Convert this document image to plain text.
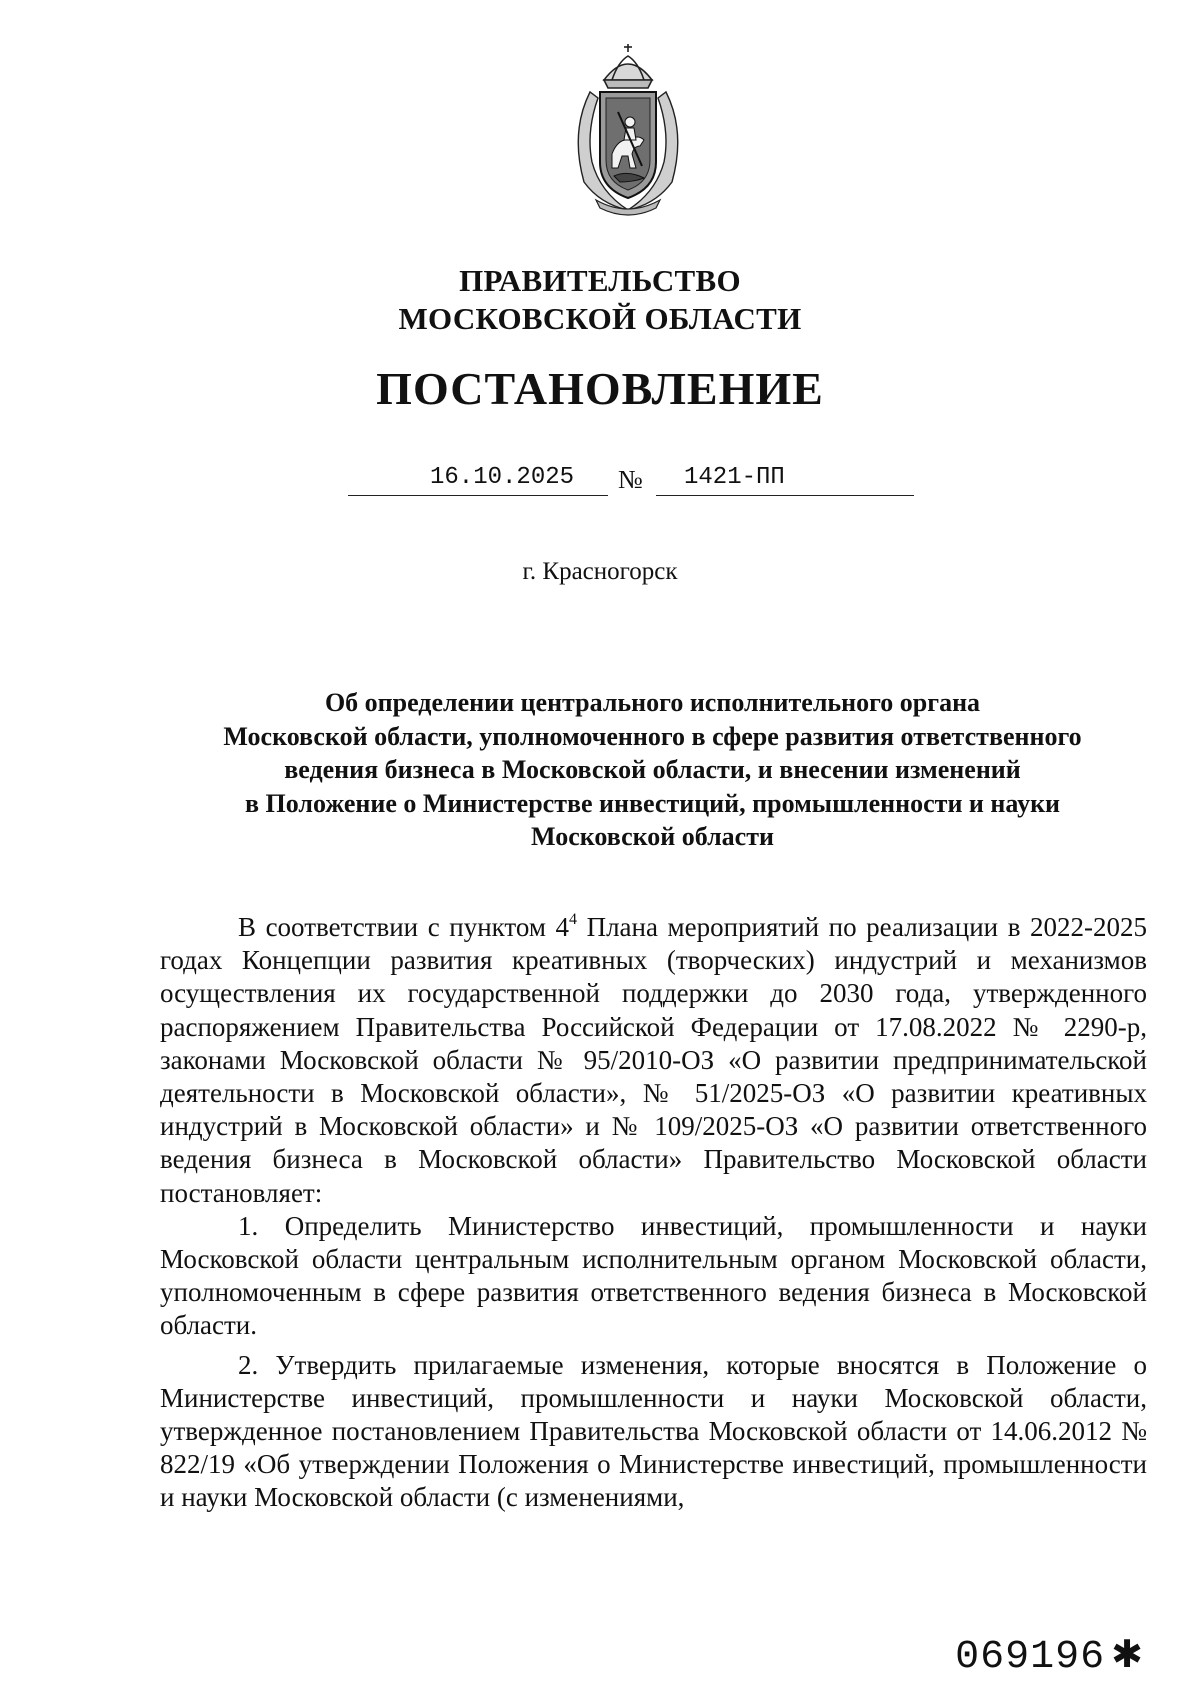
ПРАВИТЕЛЬСТВО
МОСКОВСКОЙ ОБЛАСТИ
ПОСТАНОВЛЕНИЕ
16.10.2025	№	1421-ПП
г. Красногорск
Об определении центрального исполнительного органа
Московской области, уполномоченного в сфере развития ответственного
ведения бизнеса в Московской области, и внесении изменений
в Положение о Министерстве инвестиций, промышленности и науки
Московской области

В соответствии с пунктом $4^4$ Плана мероприятий по реализации в 2022-2025 годах Концепции развития креативных (творческих) индустрий и механизмов осуществления их государственной поддержки до 2030 года, утвержденного распоряжением Правительства Российской Федерации от 17.08.2022 № 2290-р, законами Московской области № 95/2010-ОЗ «О развитии предпринимательской деятельности в Московской области», № 51/2025-ОЗ «О развитии креативных индустрий в Московской области» и № 109/2025-ОЗ «О развитии ответственного ведения бизнеса в Московской области» Правительство Московской области постановляет:

1. Определить Министерство инвестиций, промышленности и науки Московской области центральным исполнительным органом Московской области, уполномоченным в сфере развития ответственного ведения бизнеса в Московской области.

2. Утвердить прилагаемые изменения, которые вносятся в Положение о Министерстве инвестиций, промышленности и науки Московской области, утвержденное постановлением Правительства Московской области от 14.06.2012 № 822/19 «Об утверждении Положения о Министерстве инвестиций, промышленности и науки Московской области (с изменениями,

069196 ✱
